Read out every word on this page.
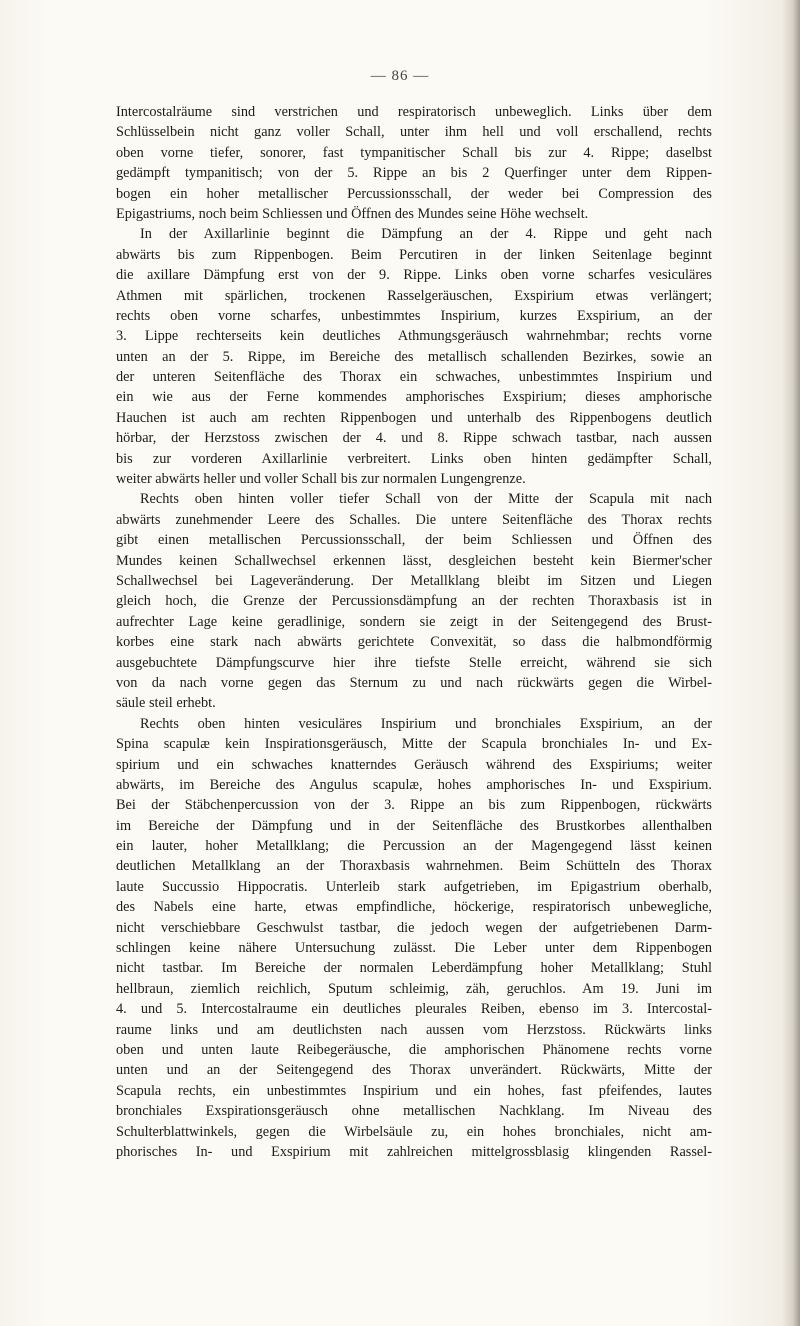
— 86 —
Intercostalräume sind verstrichen und respiratorisch unbeweglich. Links über dem
Schlüsselbein nicht ganz voller Schall, unter ihm hell und voll erschallend, rechts
oben vorne tiefer, sonorer, fast tympanitischer Schall bis zur 4. Rippe; daselbst
gedämpft tympanitisch; von der 5. Rippe an bis 2 Querfinger unter dem Rippen-
bogen ein hoher metallischer Percussionsschall, der weder bei Compression des
Epigastriums, noch beim Schliessen und Öffnen des Mundes seine Höhe wechselt.
In der Axillarlinie beginnt die Dämpfung an der 4. Rippe und geht nach
abwärts bis zum Rippenbogen. Beim Percutiren in der linken Seitenlage beginnt
die axillare Dämpfung erst von der 9. Rippe. Links oben vorne scharfes vesiculäres
Athmen mit spärlichen, trockenen Rasselgeräuschen, Exspirium etwas verlängert;
rechts oben vorne scharfes, unbestimmtes Inspirium, kurzes Exspirium, an der
3. Lippe rechterseits kein deutliches Athmungsgeräusch wahrnehmbar; rechts vorne
unten an der 5. Rippe, im Bereiche des metallisch schallenden Bezirkes, sowie an
der unteren Seitenfläche des Thorax ein schwaches, unbestimmtes Inspirium und
ein wie aus der Ferne kommendes amphorisches Exspirium; dieses amphorische
Hauchen ist auch am rechten Rippenbogen und unterhalb des Rippenbogens deutlich
hörbar, der Herzstoss zwischen der 4. und 8. Rippe schwach tastbar, nach aussen
bis zur vorderen Axillarlinie verbreitert. Links oben hinten gedämpfter Schall,
weiter abwärts heller und voller Schall bis zur normalen Lungengrenze.
Rechts oben hinten voller tiefer Schall von der Mitte der Scapula mit nach
abwärts zunehmender Leere des Schalles. Die untere Seitenfläche des Thorax rechts
gibt einen metallischen Percussionsschall, der beim Schliessen und Öffnen des
Mundes keinen Schallwechsel erkennen lässt, desgleichen besteht kein Biermer'scher
Schallwechsel bei Lageveränderung. Der Metallklang bleibt im Sitzen und Liegen
gleich hoch, die Grenze der Percussionsdämpfung an der rechten Thoraxbasis ist in
aufrechter Lage keine geradlinige, sondern sie zeigt in der Seitengegend des Brust-
korbes eine stark nach abwärts gerichtete Convexität, so dass die halbmondförmig
ausgebuchtete Dämpfungscurve hier ihre tiefste Stelle erreicht, während sie sich
von da nach vorne gegen das Sternum zu und nach rückwärts gegen die Wirbel-
säule steil erhebt.
Rechts oben hinten vesiculäres Inspirium und bronchiales Exspirium, an der
Spina scapulæ kein Inspirationsgeräusch, Mitte der Scapula bronchiales In- und Ex-
spirium und ein schwaches knatterndes Geräusch während des Exspiriums; weiter
abwärts, im Bereiche des Angulus scapulæ, hohes amphorisches In- und Exspirium.
Bei der Stäbchenpercussion von der 3. Rippe an bis zum Rippenbogen, rückwärts
im Bereiche der Dämpfung und in der Seitenfläche des Brustkorbes allenthalben
ein lauter, hoher Metallklang; die Percussion an der Magengegend lässt keinen
deutlichen Metallklang an der Thoraxbasis wahrnehmen. Beim Schütteln des Thorax
laute Succussio Hippocratis. Unterleib stark aufgetrieben, im Epigastrium oberhalb,
des Nabels eine harte, etwas empfindliche, höckerige, respiratorisch unbewegliche,
nicht verschiebbare Geschwulst tastbar, die jedoch wegen der aufgetriebenen Darm-
schlingen keine nähere Untersuchung zulässt. Die Leber unter dem Rippenbogen
nicht tastbar. Im Bereiche der normalen Leberdämpfung hoher Metallklang; Stuhl
hellbraun, ziemlich reichlich, Sputum schleimig, zäh, geruchlos. Am 19. Juni im
4. und 5. Intercostalraume ein deutliches pleurales Reiben, ebenso im 3. Intercostal-
raume links und am deutlichsten nach aussen vom Herzstoss. Rückwärts links
oben und unten laute Reibegeräusche, die amphorischen Phänomene rechts vorne
unten und an der Seitengegend des Thorax unverändert. Rückwärts, Mitte der
Scapula rechts, ein unbestimmtes Inspirium und ein hohes, fast pfeifendes, lautes
bronchiales Exspirationsgeräusch ohne metallischen Nachklang. Im Niveau des
Schulterblattwinkels, gegen die Wirbelsäule zu, ein hohes bronchiales, nicht am-
phorisches In- und Exspirium mit zahlreichen mittelgrossblasig klingenden Rassel-
